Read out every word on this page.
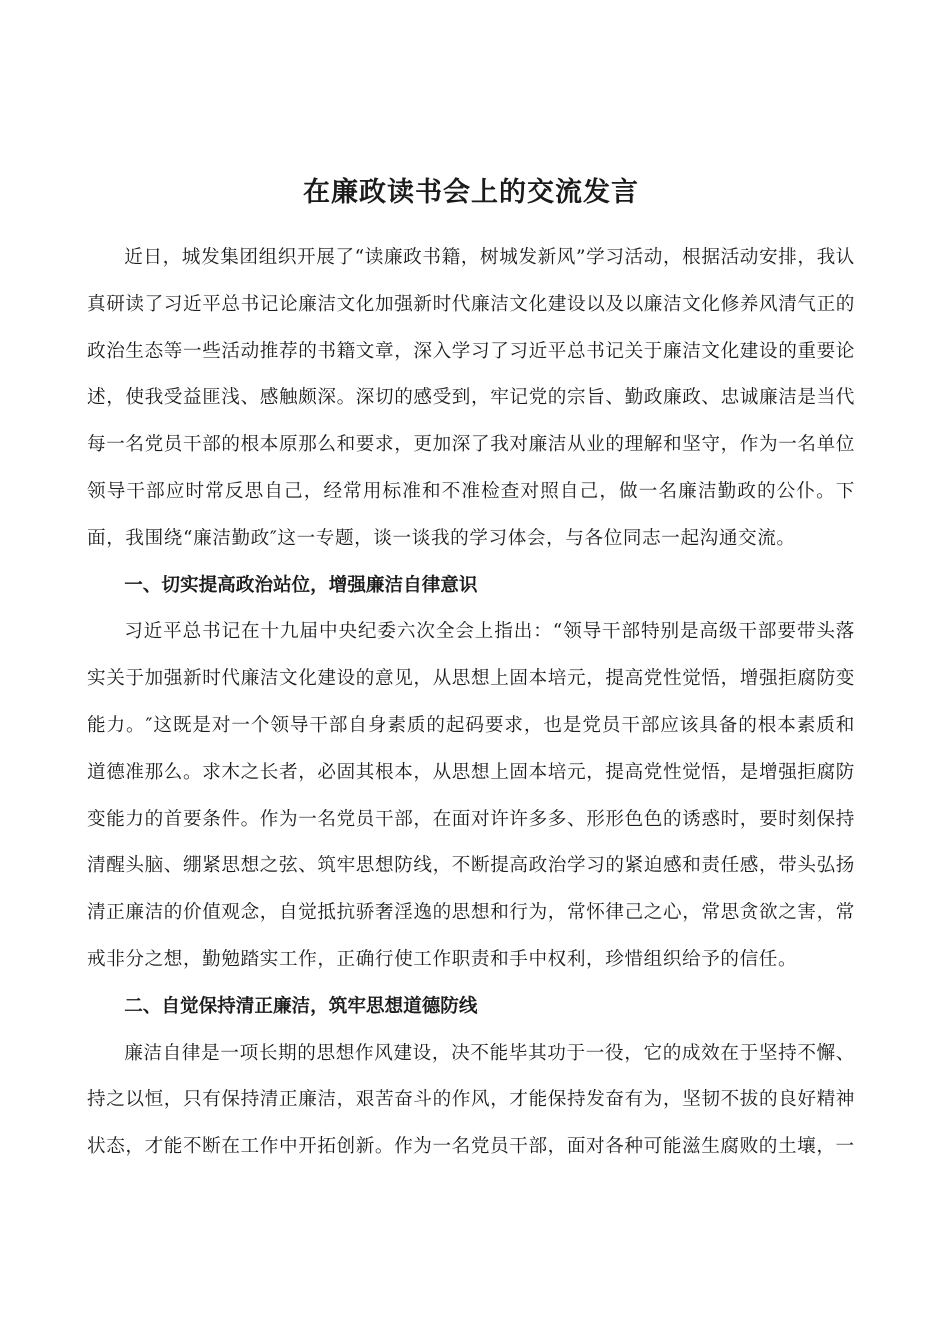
在廉政读书会上的交流发言

近日，城发集团组织开展了“读廉政书籍，树城发新风”学习活动，根据活动安排，我认真研读了习近平总书记论廉洁文化加强新时代廉洁文化建设以及以廉洁文化修养风清气正的政治生态等一些活动推荐的书籍文章，深入学习了习近平总书记关于廉洁文化建设的重要论述，使我受益匪浅、感触颇深。深切的感受到，牢记党的宗旨、勤政廉政、忠诚廉洁是当代每一名党员干部的根本原那么和要求，更加深了我对廉洁从业的理解和坚守，作为一名单位领导干部应时常反思自己，经常用标准和不准检查对照自己，做一名廉洁勤政的公仆。下面，我围绕“廉洁勤政″这一专题，谈一谈我的学习体会，与各位同志一起沟通交流。

一、切实提高政治站位，增强廉洁自律意识

习近平总书记在十九届中央纪委六次全会上指出：“领导干部特别是高级干部要带头落实关于加强新时代廉洁文化建设的意见，从思想上固本培元，提高党性觉悟，增强拒腐防变能力。″这既是对一个领导干部自身素质的起码要求，也是党员干部应该具备的根本素质和道德准那么。求木之长者，必固其根本，从思想上固本培元，提高党性觉悟，是增强拒腐防变能力的首要条件。作为一名党员干部，在面对许许多多、形形色色的诱惑时，要时刻保持清醒头脑、绷紧思想之弦、筑牢思想防线，不断提高政治学习的紧迫感和责任感，带头弘扬清正廉洁的价值观念，自觉抵抗骄奢淫逸的思想和行为，常怀律己之心，常思贪欲之害，常戒非分之想，勤勉踏实工作，正确行使工作职责和手中权利，珍惜组织给予的信任。

二、自觉保持清正廉洁，筑牢思想道德防线

廉洁自律是一项长期的思想作风建设，决不能毕其功于一役，它的成效在于坚持不懈、持之以恒，只有保持清正廉洁，艰苦奋斗的作风，才能保持发奋有为，坚韧不拔的良好精神状态，才能不断在工作中开拓创新。作为一名党员干部，面对各种可能滋生腐败的土壤，一
